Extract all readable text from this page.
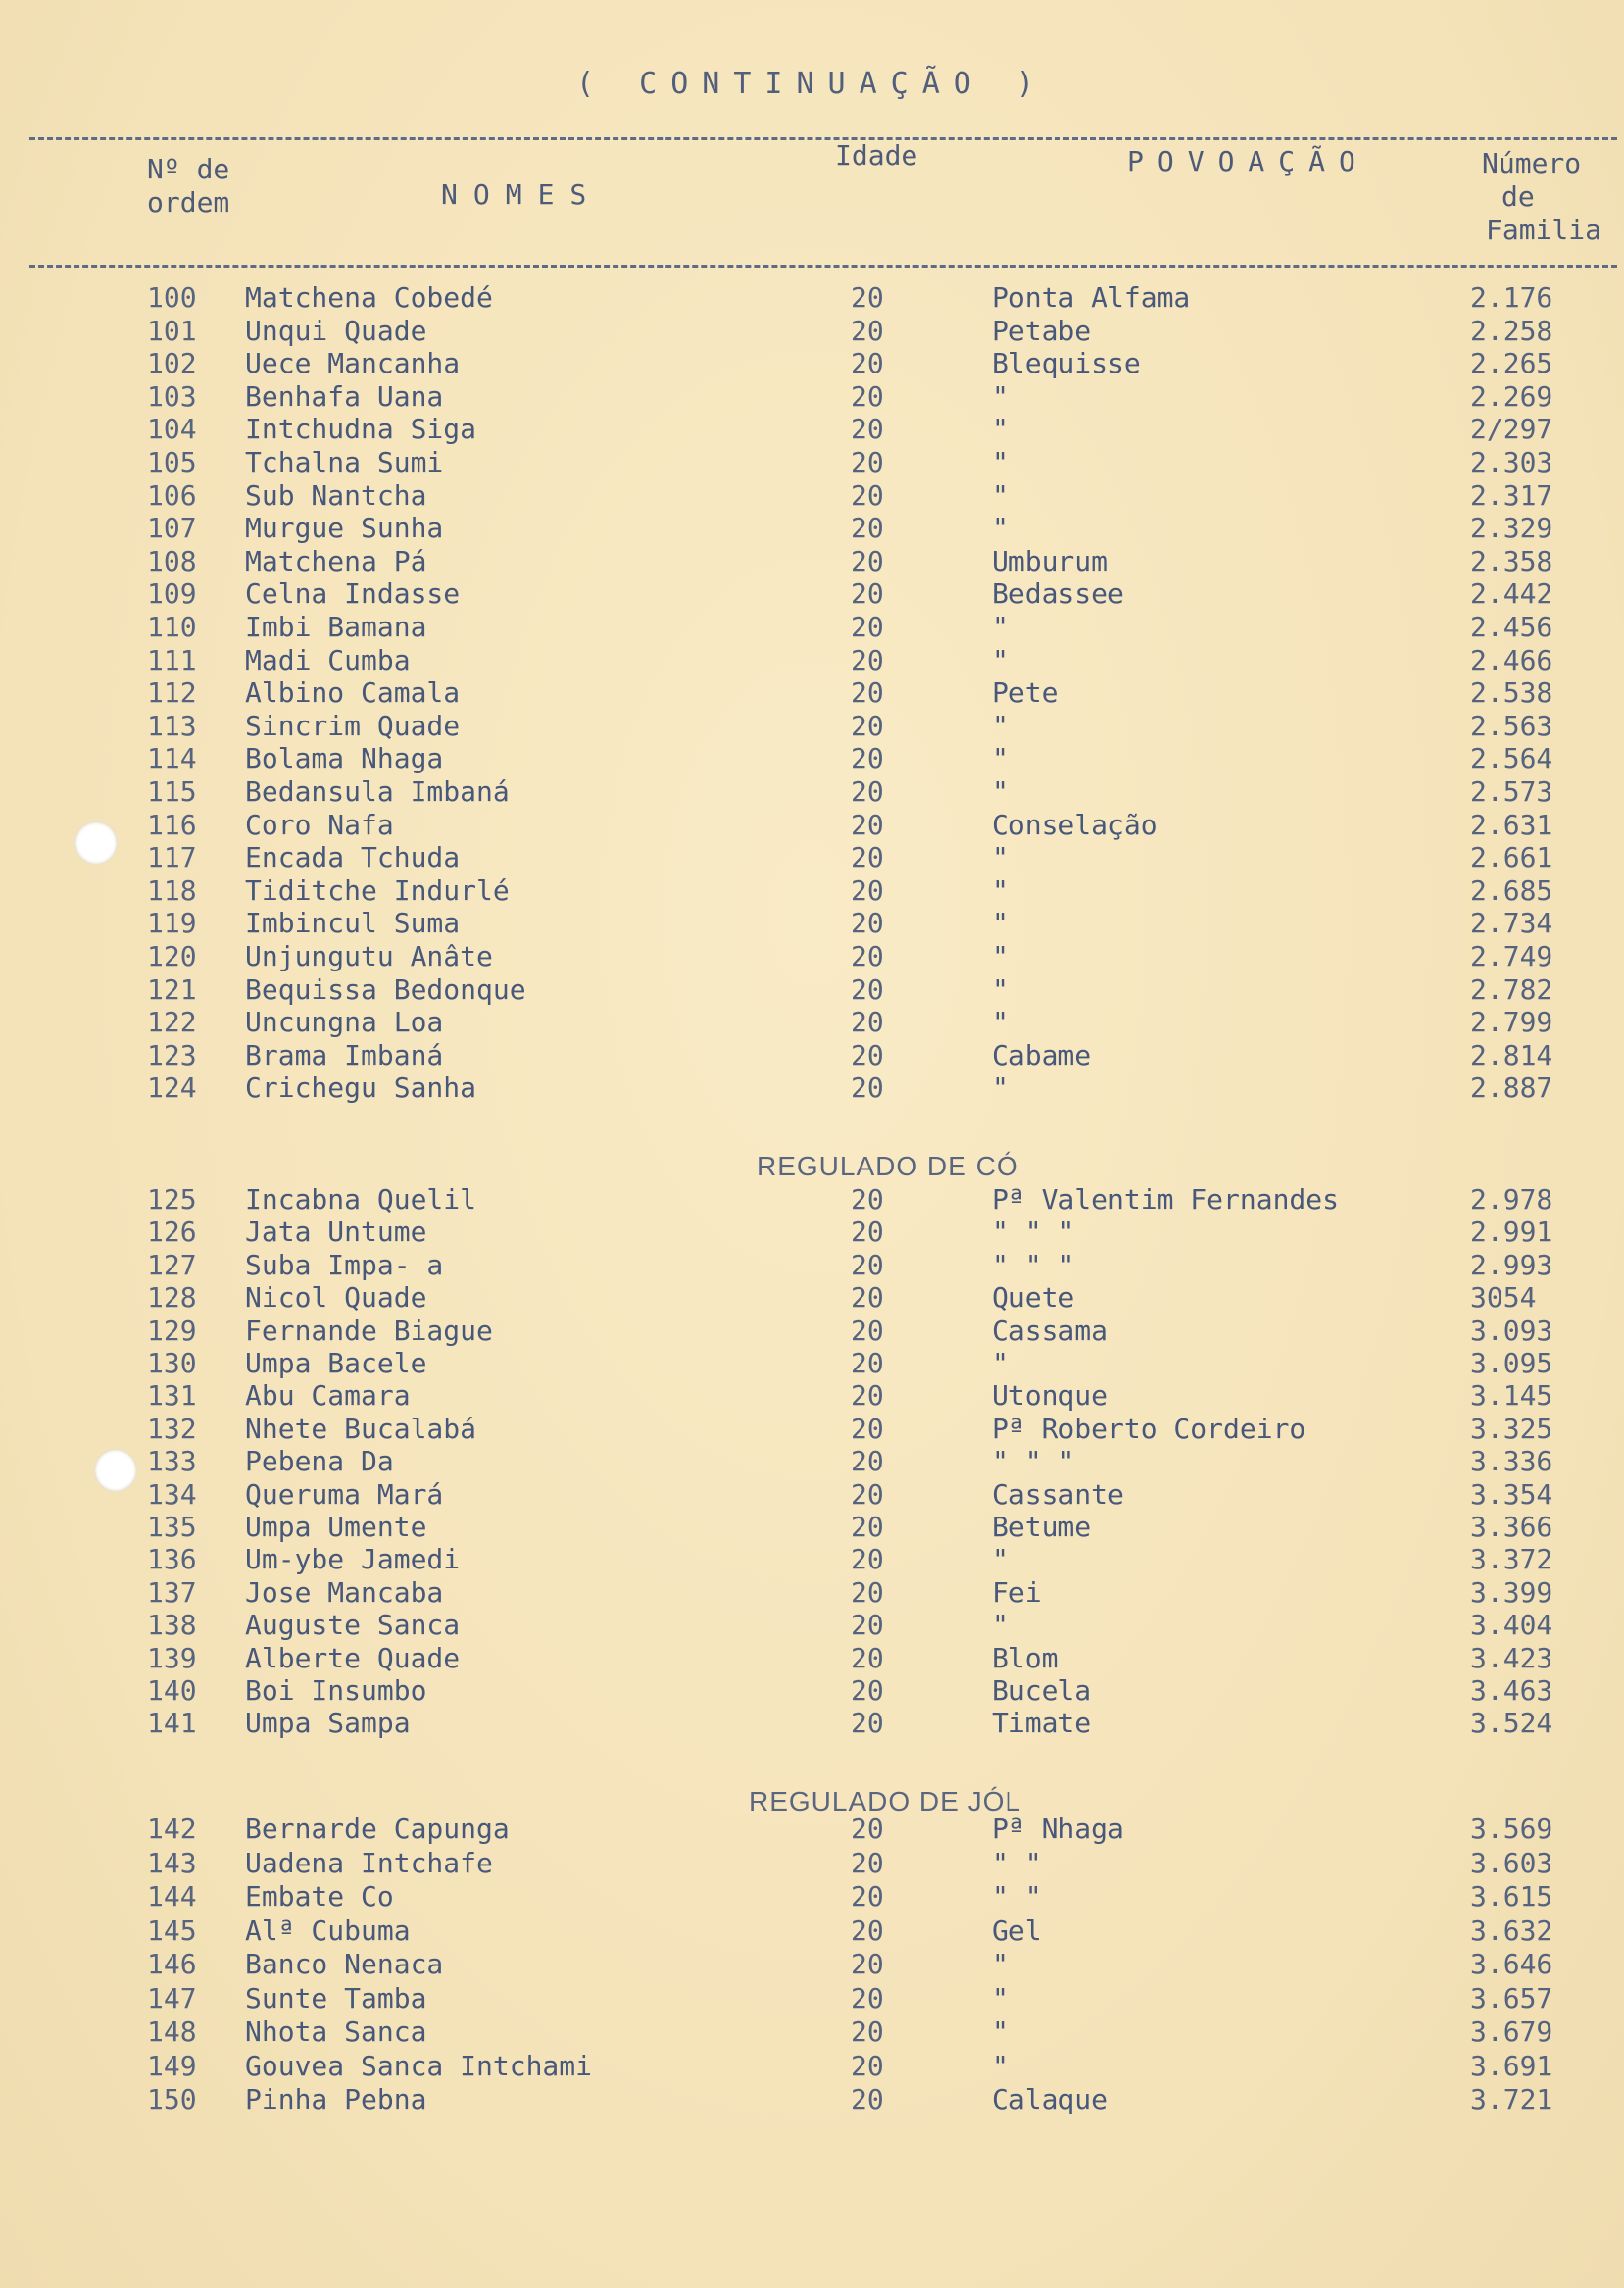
( CONTINUAÇÃO )
Nº de
ordem	NOMES
Idade	POVOAÇÃO	Número
de
Familia
REGULADO DE CÓ
REGULADO DE JÓL
100 Matchena Cobedé	20	Ponta Alfama	2.176
101 Unqui Quade	20	Petabe	2.258
102 Uece Mancanha	20	Blequisse	2.265
103 Benhafa Uana	20	"	2.269
104 Intchudna Siga	20	"	2/297
105 Tchalna Sumi	20	"	2.303
106 Sub Nantcha	20	"	2.317
107 Murgue Sunha	20	"	2.329
108 Matchena Pá	20	Umburum	2.358
109 Celna Indasse	20	Bedassee	2.442
110 Imbi Bamana	20	"	2.456
111 Madi Cumba	20	"	2.466
112 Albino Camala	20	Pete	2.538
113 Sincrim Quade	20	"	2.563
114 Bolama Nhaga	20	"	2.564
115 Bedansula Imbaná	20	"	2.573
116 Coro Nafa	20	Conselação	2.631
117 Encada Tchuda	20	"	2.661
118 Tiditche Indurlé	20	"	2.685
119 Imbincul Suma	20	"	2.734
120 Unjungutu Anâte	20	"	2.749
121 Bequissa Bedonque	20	"	2.782
122 Uncungna Loa	20	"	2.799
123 Brama Imbaná	20	Cabame	2.814
124 Crichegu Sanha	20	"	2.887
125 Incabna Quelil	20	Pª Valentim Fernandes	2.978
126 Jata Untume	20	" " "	2.991
127 Suba Impa- a	20	" " "	2.993
128 Nicol Quade	20	Quete	3054
129 Fernande Biague	20	Cassama	3.093
130 Umpa Bacele	20	"	3.095
131 Abu Camara	20	Utonque	3.145
132 Nhete Bucalabá	20	Pª Roberto Cordeiro	3.325
133 Pebena Da	20	" " "	3.336
134 Queruma Mará	20	Cassante	3.354
135 Umpa Umente	20	Betume	3.366
136 Um-ybe Jamedi	20	"	3.372
137 Jose Mancaba	20	Fei	3.399
138 Auguste Sanca	20	"	3.404
139 Alberte Quade	20	Blom	3.423
140 Boi Insumbo	20	Bucela	3.463
141 Umpa Sampa	20	Timate	3.524
142 Bernarde Capunga	20	Pª Nhaga	3.569
143 Uadena Intchafe	20	" "	3.603
144 Embate Co	20	" "	3.615
145 Alª Cubuma	20	Gel	3.632
146 Banco Nenaca	20	"	3.646
147 Sunte Tamba	20	"	3.657
148 Nhota Sanca	20	"	3.679
149 Gouvea Sanca Intchami	20	"	3.691
150 Pinha Pebna	20	Calaque	3.721
